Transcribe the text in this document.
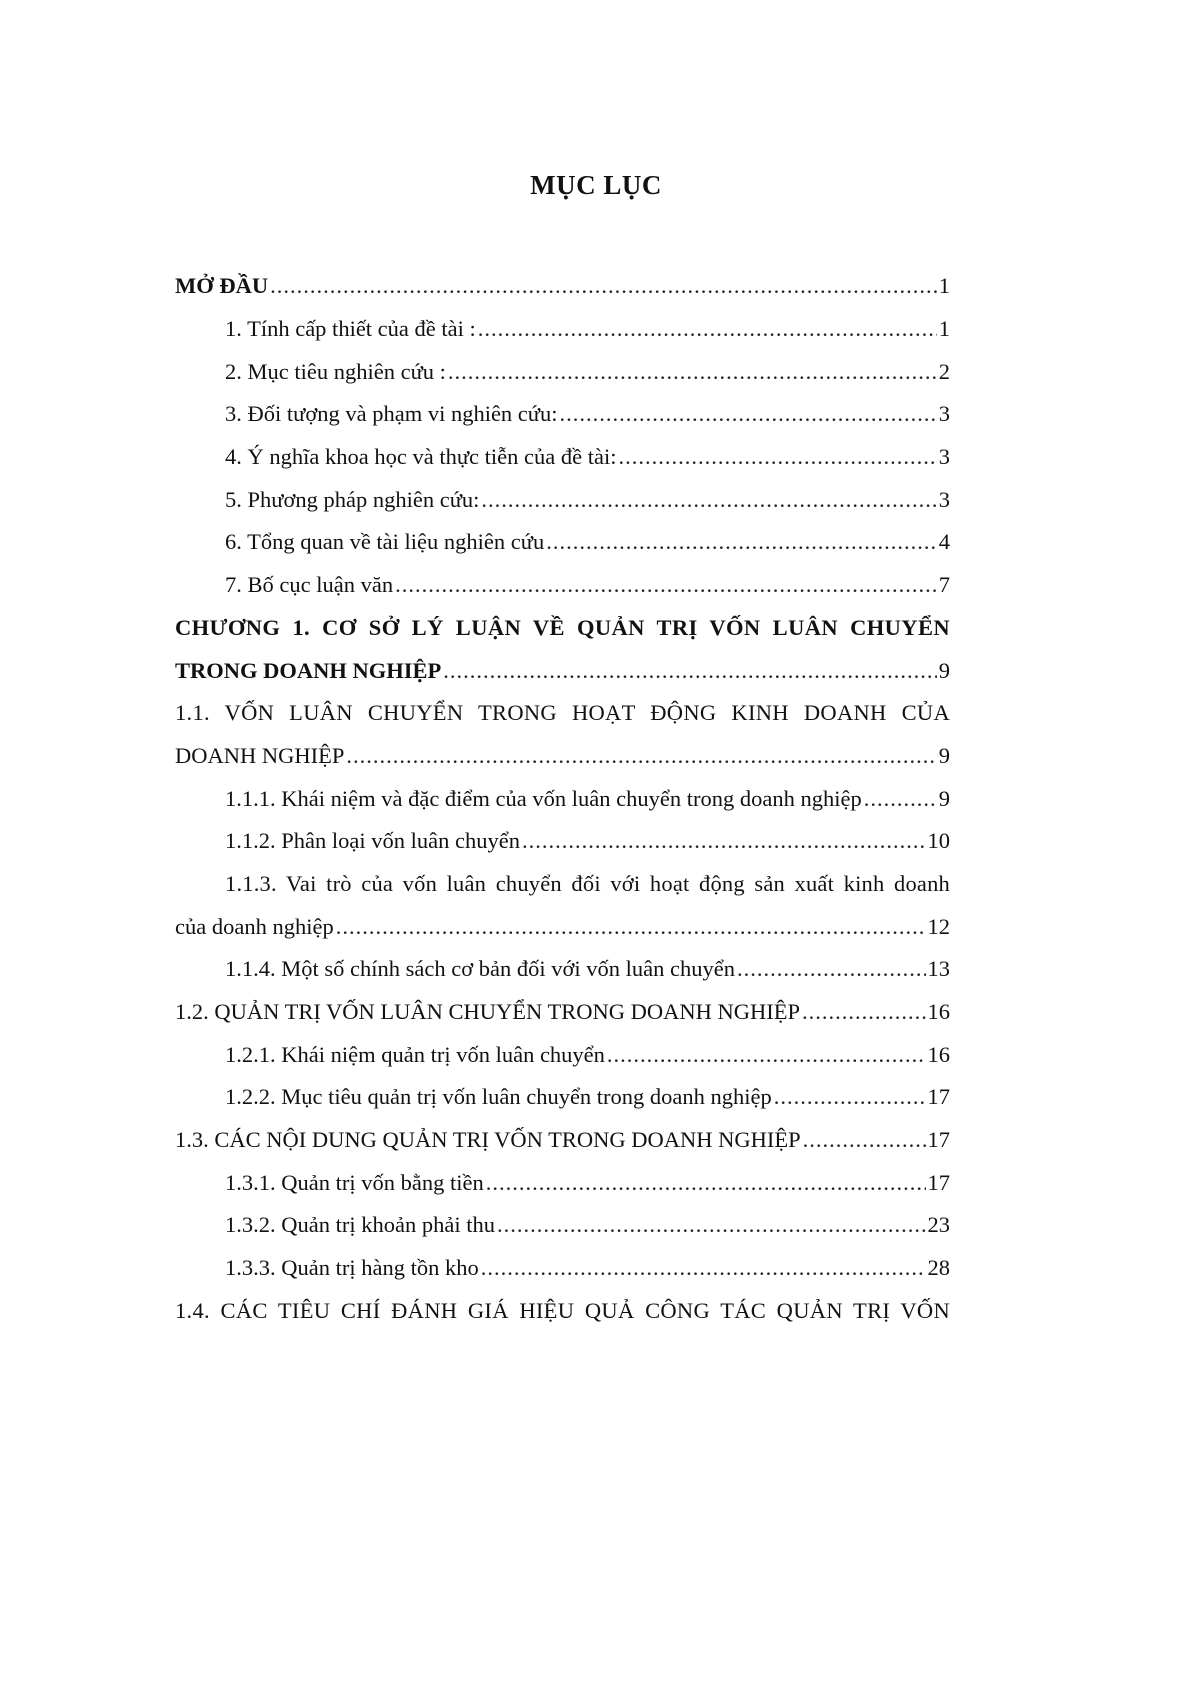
MỤC LỤC
MỞ ĐẦU .....	1
1. Tính cấp thiết của đề tài : .....	1
2. Mục tiêu nghiên cứu : .....	2
3. Đối tượng và phạm vi nghiên cứu: .....	3
4. Ý nghĩa khoa học và thực tiễn của đề tài: .....	3
5. Phương pháp nghiên cứu: .....	3
6. Tổng quan về tài liệu nghiên cứu .....	4
7. Bố cục luận văn .....	7
CHƯƠNG 1. CƠ SỞ LÝ LUẬN VỀ QUẢN TRỊ VỐN LUÂN CHUYỂN
TRONG DOANH NGHIỆP .....	9
1.1. VỐN LUÂN CHUYỂN TRONG HOẠT ĐỘNG KINH DOANH CỦA
DOANH NGHIỆP .....	9
1.1.1. Khái niệm và đặc điểm của vốn luân chuyển trong doanh nghiệp .....	9
1.1.2. Phân loại vốn luân chuyển .....	10
1.1.3. Vai trò của vốn luân chuyển đối với hoạt động sản xuất kinh doanh
của doanh nghiệp .....	12
1.1.4. Một số chính sách cơ bản đối với vốn luân chuyển .....	13
1.2. QUẢN TRỊ VỐN LUÂN CHUYỂN TRONG DOANH NGHIỆP .....	16
1.2.1. Khái niệm quản trị vốn luân chuyển .....	16
1.2.2. Mục tiêu quản trị vốn luân chuyển trong doanh nghiệp .....	17
1.3. CÁC NỘI DUNG QUẢN TRỊ VỐN TRONG DOANH NGHIỆP .....	17
1.3.1. Quản trị vốn bằng tiền .....	17
1.3.2. Quản trị khoản phải thu .....	23
1.3.3. Quản trị hàng tồn kho .....	28
1.4. CÁC TIÊU CHÍ ĐÁNH GIÁ HIỆU QUẢ CÔNG TÁC QUẢN TRỊ VỐN
